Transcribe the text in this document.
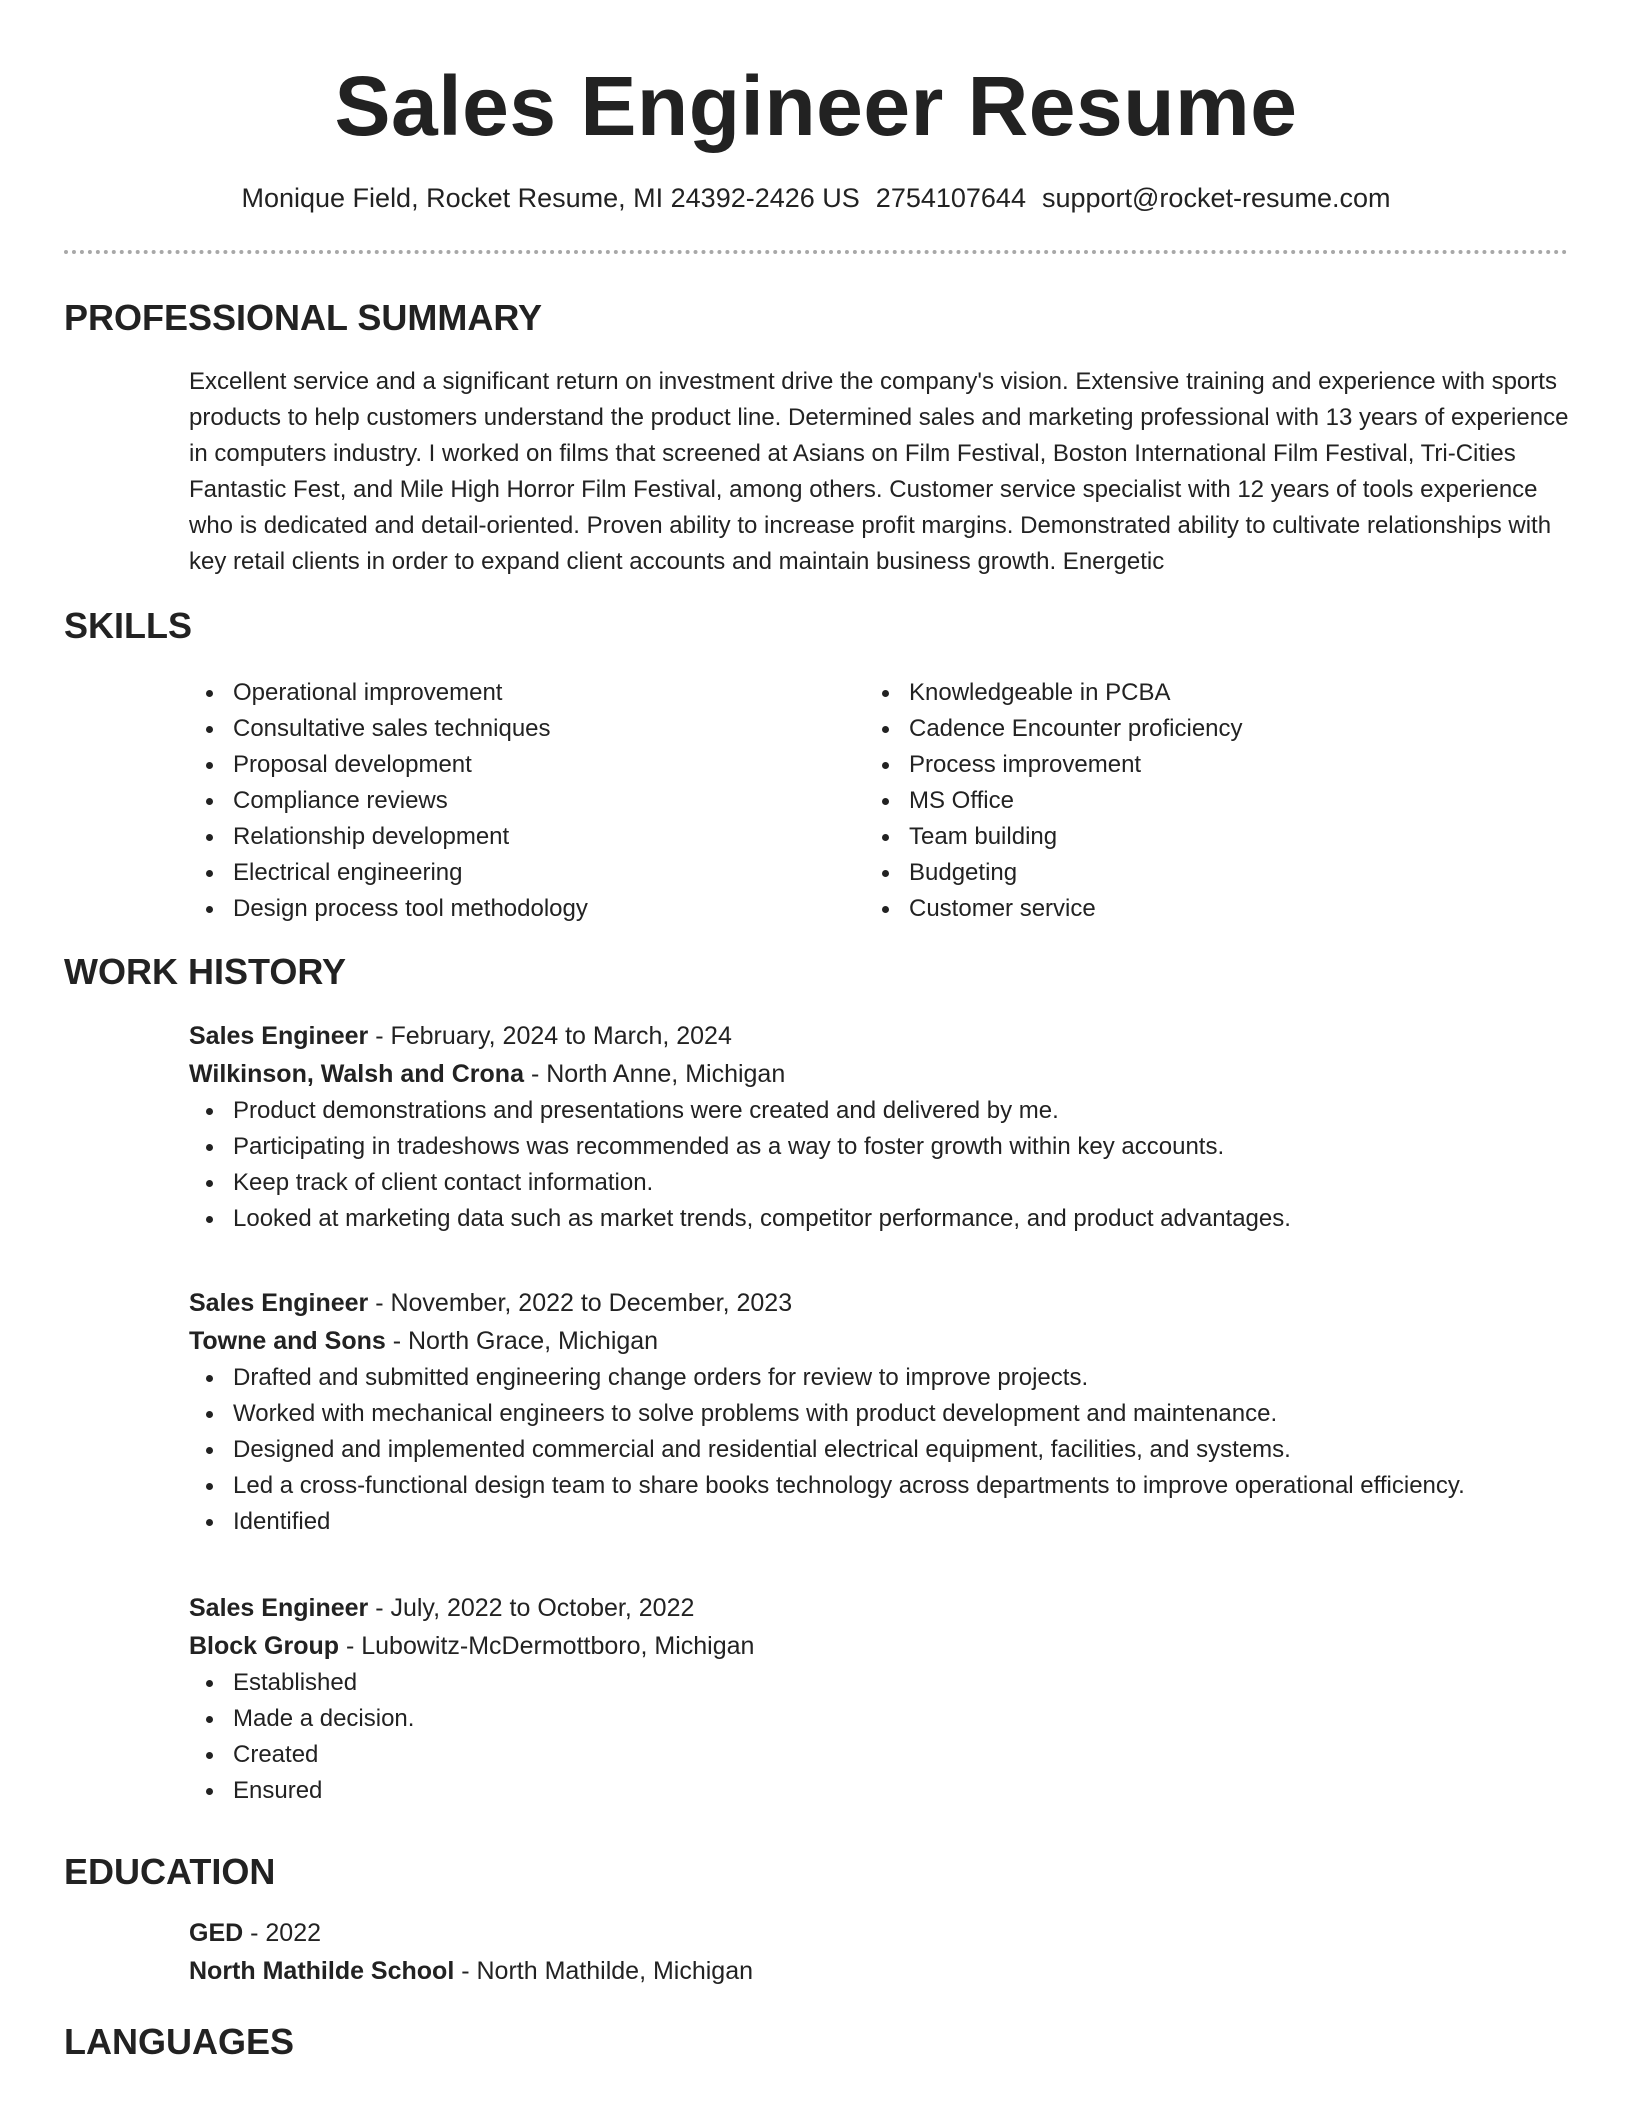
Sales Engineer Resume
Monique Field, Rocket Resume, MI 24392-2426 US 2754107644 support@rocket-resume.com
PROFESSIONAL SUMMARY

Excellent service and a significant return on investment drive the company's vision. Extensive training and experience with sports products to help customers understand the product line. Determined sales and marketing professional with 13 years of experience in computers industry. I worked on films that screened at Asians on Film Festival, Boston International Film Festival, Tri-Cities Fantastic Fest, and Mile High Horror Film Festival, among others. Customer service specialist with 12 years of tools experience who is dedicated and detail-oriented. Proven ability to increase profit margins. Demonstrated ability to cultivate relationships with key retail clients in order to expand client accounts and maintain business growth. Energetic

SKILLS
Operational improvement
Consultative sales techniques
Proposal development
Compliance reviews
Relationship development
Electrical engineering
Design process tool methodology
Knowledgeable in PCBA
Cadence Encounter proficiency
Process improvement
MS Office
Team building
Budgeting
Customer service
WORK HISTORY
Sales Engineer - February, 2024 to March, 2024
Wilkinson, Walsh and Crona - North Anne, Michigan
Product demonstrations and presentations were created and delivered by me.
Participating in tradeshows was recommended as a way to foster growth within key accounts.
Keep track of client contact information.
Looked at marketing data such as market trends, competitor performance, and product advantages.
Sales Engineer - November, 2022 to December, 2023
Towne and Sons - North Grace, Michigan
Drafted and submitted engineering change orders for review to improve projects.
Worked with mechanical engineers to solve problems with product development and maintenance.
Designed and implemented commercial and residential electrical equipment, facilities, and systems.
Led a cross-functional design team to share books technology across departments to improve operational efficiency.
Identified
Sales Engineer - July, 2022 to October, 2022
Block Group - Lubowitz-McDermottboro, Michigan
Established
Made a decision.
Created
Ensured
EDUCATION
GED - 2022
North Mathilde School - North Mathilde, Michigan
LANGUAGES
